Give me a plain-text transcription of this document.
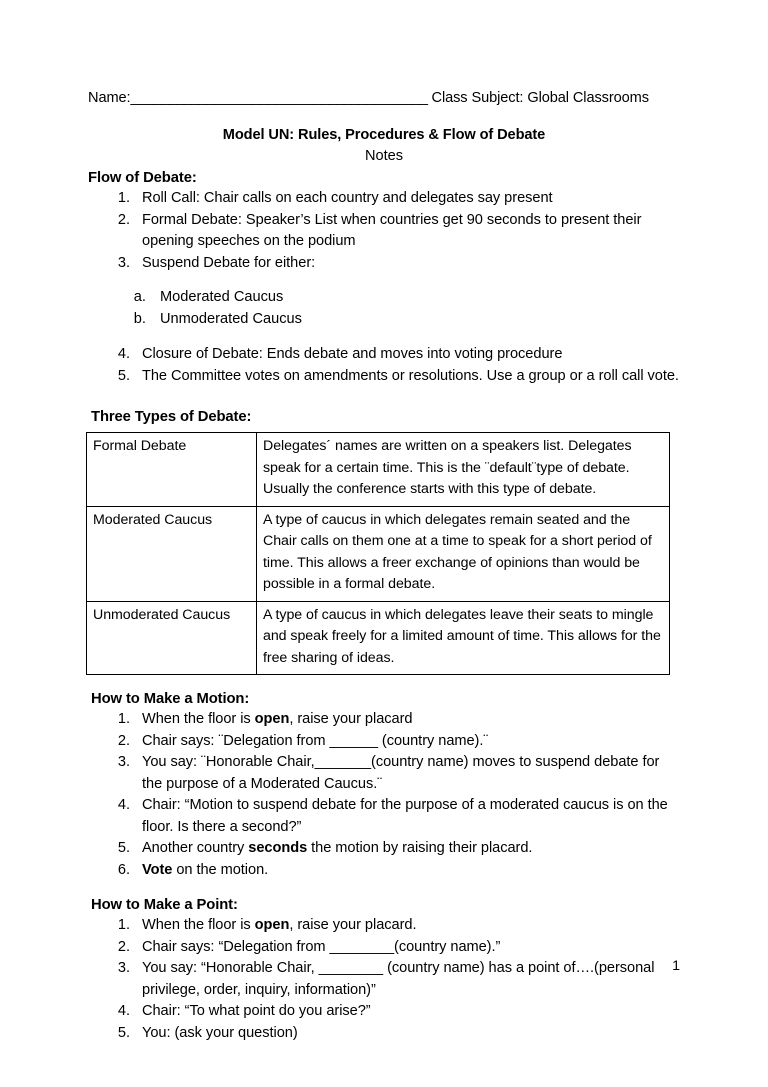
Name:_______________________________________ Class Subject: Global Classrooms
Model UN: Rules, Procedures & Flow of Debate
Notes
Flow of Debate:
1. Roll Call: Chair calls on each country and delegates say present
2. Formal Debate: Speaker’s List when countries get 90 seconds to present their opening speeches on the podium
3. Suspend Debate for either:
a. Moderated Caucus
b. Unmoderated Caucus
4. Closure of Debate: Ends debate and moves into voting procedure
5. The Committee votes on amendments or resolutions. Use a group or a roll call vote.
Three Types of Debate:
Formal Debate	Delegates´ names are written on a speakers list. Delegates speak for a certain time. This is the ¨default¨type of debate. Usually the conference starts with this type of debate.
Moderated Caucus	A type of caucus in which delegates remain seated and the Chair calls on them one at a time to speak for a short period of time. This allows a freer exchange of opinions than would be possible in a formal debate.
Unmoderated Caucus	A type of caucus in which delegates leave their seats to mingle and speak freely for a limited amount of time. This allows for the free sharing of ideas.
How to Make a Motion:
1. When the floor is open, raise your placard
2. Chair says: ¨Delegation from ______ (country name).¨
3. You say: ¨Honorable Chair,_______(country name) moves to suspend debate for the purpose of a Moderated Caucus.¨
4. Chair: “Motion to suspend debate for the purpose of a moderated caucus is on the floor. Is there a second?”
5. Another country seconds the motion by raising their placard.
6. Vote on the motion.
How to Make a Point:
1. When the floor is open, raise your placard.
2. Chair says: “Delegation from ________(country name).”
3. You say: “Honorable Chair, ________ (country name) has a point of….(personal privilege, order, inquiry, information)”
4. Chair: “To what point do you arise?”
5. You: (ask your question)
1
